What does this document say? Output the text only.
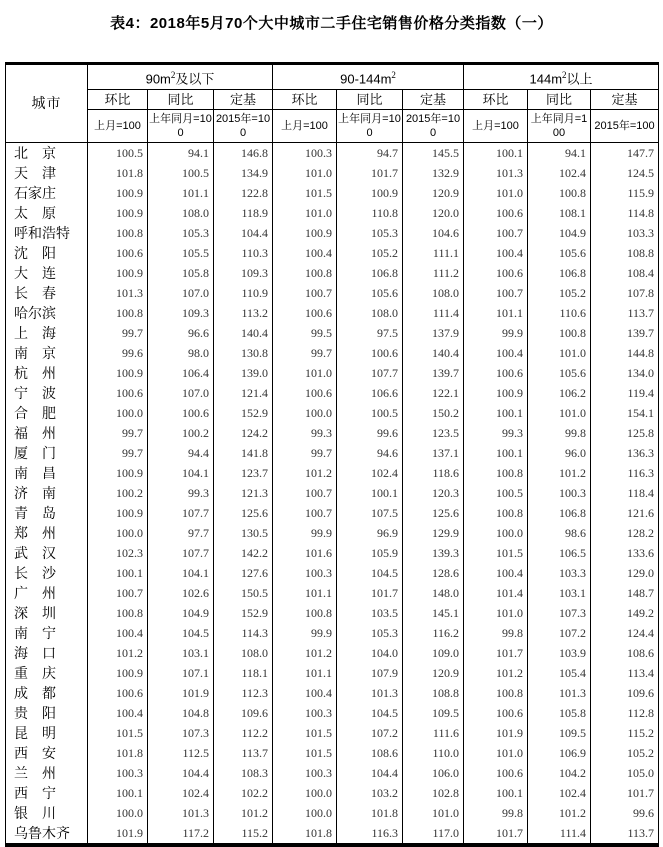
表4：2018年5月70个大中城市二手住宅销售价格分类指数（一）
城市	$90m^2$及以下			$90-144m^2$			$144m^2$以上		
	环比	同比	定基	环比	同比	定基	环比	同比	定基
	上月=100	上年同月=100	2015年=100	上月=100	上年同月=100	2015年=100	上月=100	上年同月=100	2015年=100
北　京	100.5	94.1	146.8	100.3	94.7	145.5	100.1	94.1	147.7
天　津	101.8	100.5	134.9	101.0	101.7	132.9	101.3	102.4	124.5
石家庄	100.9	101.1	122.8	101.5	100.9	120.9	101.0	100.8	115.9
太　原	100.9	108.0	118.9	101.0	110.8	120.0	100.6	108.1	114.8
呼和浩特	100.8	105.3	104.4	100.9	105.3	104.6	100.7	104.9	103.3
沈　阳	100.6	105.5	110.3	100.4	105.2	111.1	100.4	105.6	108.8
大　连	100.9	105.8	109.3	100.8	106.8	111.2	100.6	106.8	108.4
长　春	101.3	107.0	110.9	100.7	105.6	108.0	100.7	105.2	107.8
哈尔滨	100.8	109.3	113.2	100.6	108.0	111.4	101.1	110.6	113.7
上　海	99.7	96.6	140.4	99.5	97.5	137.9	99.9	100.8	139.7
南　京	99.6	98.0	130.8	99.7	100.6	140.4	100.4	101.0	144.8
杭　州	100.9	106.4	139.0	101.0	107.7	139.7	100.6	105.6	134.0
宁　波	100.6	107.0	121.4	100.6	106.6	122.1	100.9	106.2	119.4
合　肥	100.0	100.6	152.9	100.0	100.5	150.2	100.1	101.0	154.1
福　州	99.7	100.2	124.2	99.3	99.6	123.5	99.3	99.8	125.8
厦　门	99.7	94.4	141.8	99.7	94.6	137.1	100.1	96.0	136.3
南　昌	100.9	104.1	123.7	101.2	102.4	118.6	100.8	101.2	116.3
济　南	100.2	99.3	121.3	100.7	100.1	120.3	100.5	100.3	118.4
青　岛	100.9	107.7	125.6	100.7	107.5	125.6	100.8	106.8	121.6
郑　州	100.0	97.7	130.5	99.9	96.9	129.9	100.0	98.6	128.2
武　汉	102.3	107.7	142.2	101.6	105.9	139.3	101.5	106.5	133.6
长　沙	100.1	104.1	127.6	100.3	104.5	128.6	100.4	103.3	129.0
广　州	100.7	102.6	150.5	101.1	101.7	148.0	101.4	103.1	148.7
深　圳	100.8	104.9	152.9	100.8	103.5	145.1	101.0	107.3	149.2
南　宁	100.4	104.5	114.3	99.9	105.3	116.2	99.8	107.2	124.4
海　口	101.2	103.1	108.0	101.2	104.0	109.0	101.7	103.9	108.6
重　庆	100.9	107.1	118.1	101.1	107.9	120.9	101.2	105.4	113.4
成　都	100.6	101.9	112.3	100.4	101.3	108.8	100.8	101.3	109.6
贵　阳	100.4	104.8	109.6	100.3	104.5	109.5	100.6	105.8	112.8
昆　明	101.5	107.3	112.2	101.5	107.2	111.6	101.9	109.5	115.2
西　安	101.8	112.5	113.7	101.5	108.6	110.0	101.0	106.9	105.2
兰　州	100.3	104.4	108.3	100.3	104.4	106.0	100.6	104.2	105.0
西　宁	100.1	102.4	102.2	100.0	103.2	102.8	100.1	102.4	101.7
银　川	100.0	101.3	101.2	100.0	101.8	101.0	99.8	101.2	99.6
乌鲁木齐	101.9	117.2	115.2	101.8	116.3	117.0	101.7	111.4	113.7
